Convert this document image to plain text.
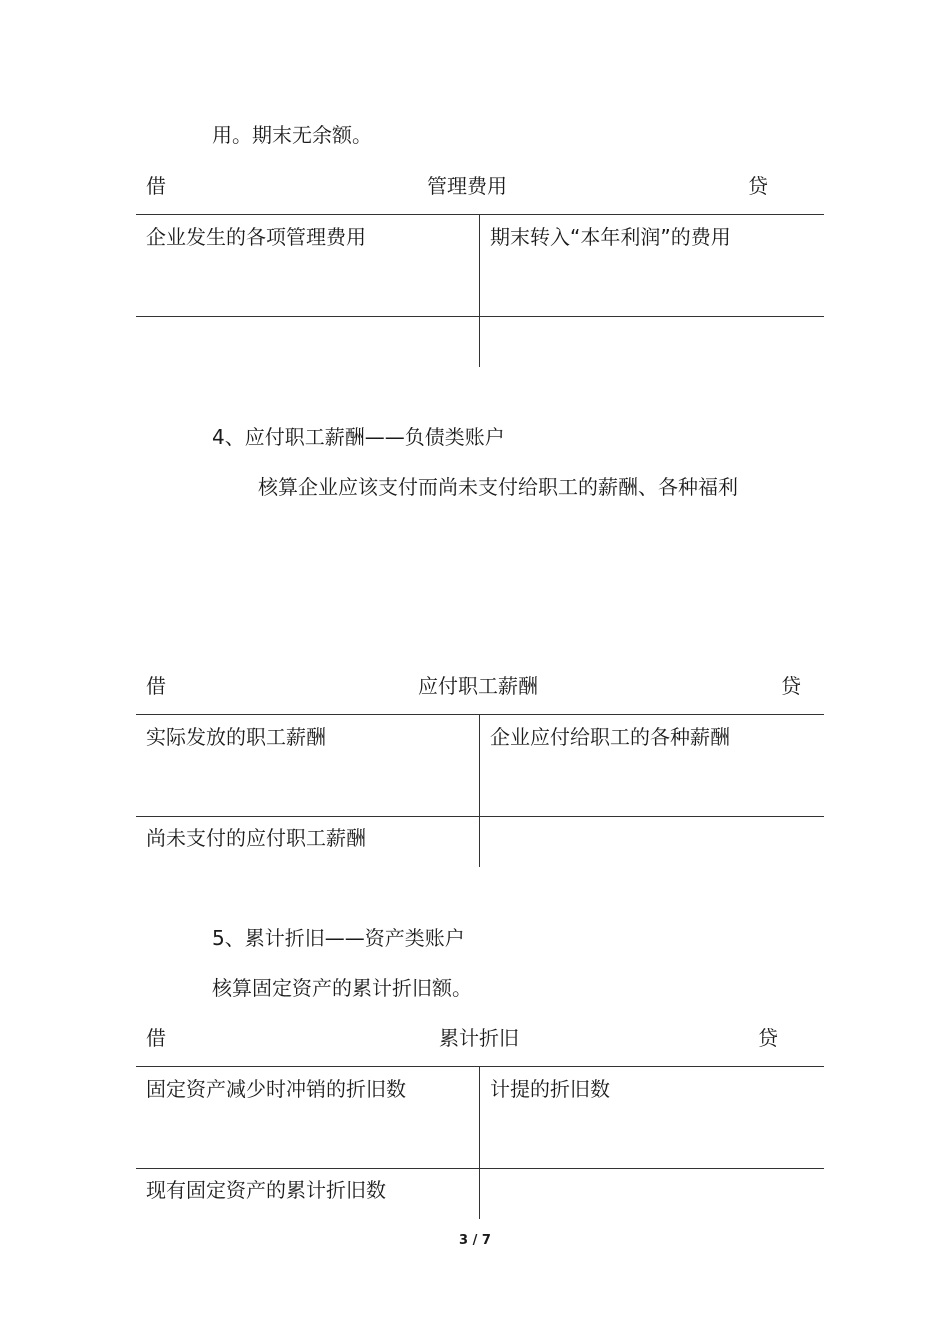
用。期末无余额。
借	管理费用	贷
企业发生的各项管理费用	期末转入“本年利润”的费用
4、应付职工薪酬——负债类账户
核算企业应该支付而尚未支付给职工的薪酬、各种福利
借	应付职工薪酬	贷
实际发放的职工薪酬	企业应付给职工的各种薪酬
尚未支付的应付职工薪酬
5、累计折旧——资产类账户
核算固定资产的累计折旧额。
借	累计折旧	贷
固定资产减少时冲销的折旧数	计提的折旧数
现有固定资产的累计折旧数
3 / 7
